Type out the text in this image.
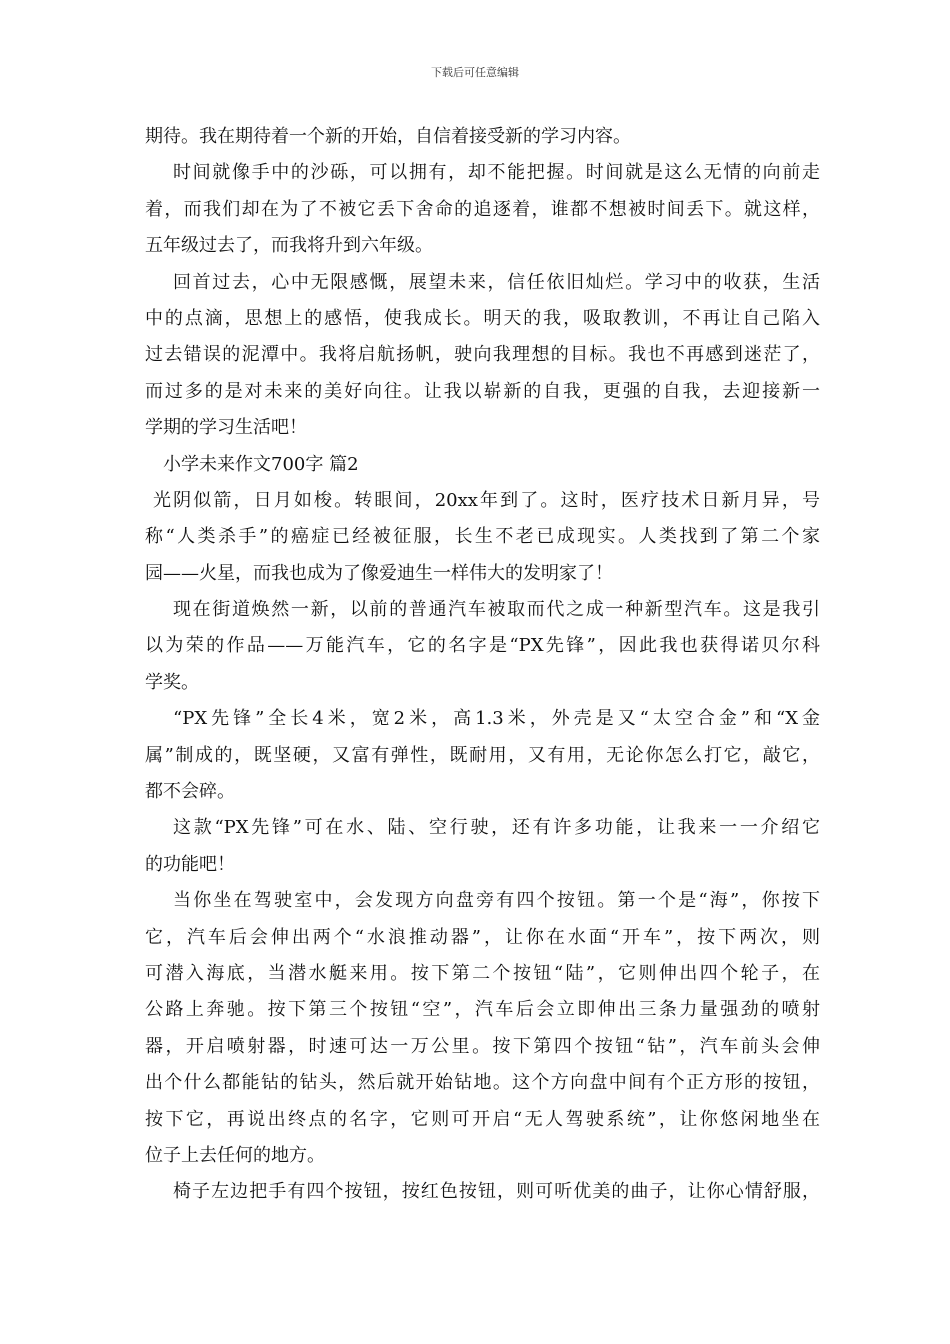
下载后可任意编辑
期待。我在期待着一个新的开始，自信着接受新的学习内容。
时间就像手中的沙砾，可以拥有，却不能把握。时间就是这么无情的向前走
着，而我们却在为了不被它丢下舍命的追逐着，谁都不想被时间丢下。就这样，
五年级过去了，而我将升到六年级。
回首过去，心中无限感慨，展望未来，信任依旧灿烂。学习中的收获，生活
中的点滴，思想上的感悟，使我成长。明天的我，吸取教训，不再让自己陷入
过去错误的泥潭中。我将启航扬帆，驶向我理想的目标。我也不再感到迷茫了，
而过多的是对未来的美好向往。让我以崭新的自我，更强的自我，去迎接新一
学期的学习生活吧！
小学未来作文700字 篇2
光阴似箭，日月如梭。转眼间，20xx年到了。这时，医疗技术日新月异，号
称“人类杀手”的癌症已经被征服，长生不老已成现实。人类找到了第二个家
园——火星，而我也成为了像爱迪生一样伟大的发明家了！
现在街道焕然一新，以前的普通汽车被取而代之成一种新型汽车。这是我引
以为荣的作品——万能汽车，它的名字是“PX先锋”，因此我也获得诺贝尔科
学奖。
“PX先锋”全长4米，宽2米，高1.3米，外壳是又“太空合金”和“X金
属”制成的，既坚硬，又富有弹性，既耐用，又有用，无论你怎么打它，敲它，
都不会碎。
这款“PX先锋”可在水、陆、空行驶，还有许多功能，让我来一一介绍它
的功能吧！
当你坐在驾驶室中，会发现方向盘旁有四个按钮。第一个是“海”，你按下
它，汽车后会伸出两个“水浪推动器”，让你在水面“开车”，按下两次，则
可潜入海底，当潜水艇来用。按下第二个按钮“陆”，它则伸出四个轮子，在
公路上奔驰。按下第三个按钮“空”，汽车后会立即伸出三条力量强劲的喷射
器，开启喷射器，时速可达一万公里。按下第四个按钮“钻”，汽车前头会伸
出个什么都能钻的钻头，然后就开始钻地。这个方向盘中间有个正方形的按钮，
按下它，再说出终点的名字，它则可开启“无人驾驶系统”，让你悠闲地坐在
位子上去任何的地方。
椅子左边把手有四个按钮，按红色按钮，则可听优美的曲子，让你心情舒服，
